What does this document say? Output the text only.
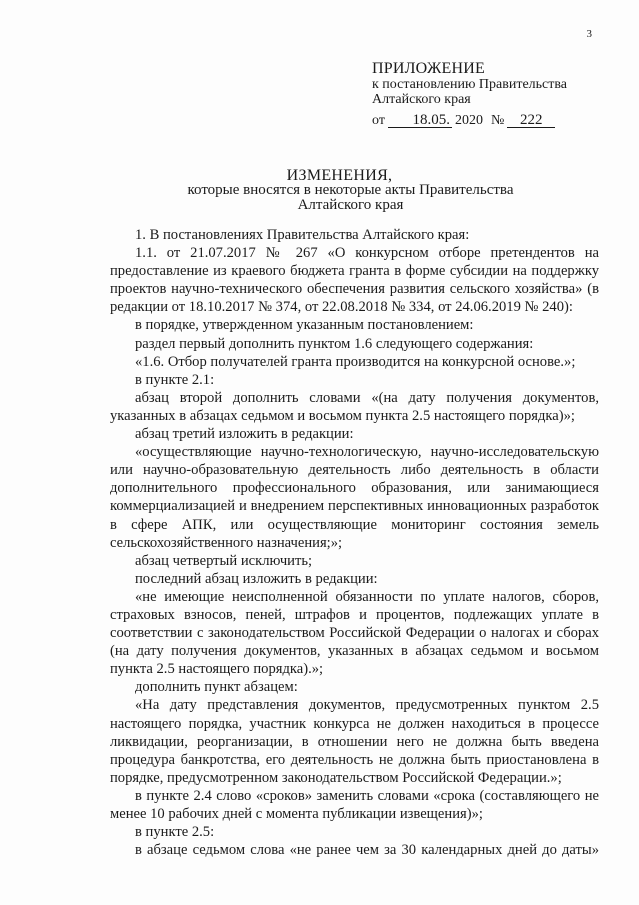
3
ПРИЛОЖЕНИЕ
к постановлению Правительства
Алтайского края
от	18.05. 2020 №	222
ИЗМЕНЕНИЯ,
которые вносятся в некоторые акты Правительства
Алтайского края

1. В постановлениях Правительства Алтайского края:

1.1. от 21.07.2017 № 267 «О конкурсном отборе претендентов на предоставление из краевого бюджета гранта в форме субсидии на поддержку проектов научно-технического обеспечения развития сельского хозяйства» (в редакции от 18.10.2017 № 374, от 22.08.2018 № 334, от 24.06.2019 № 240):

в порядке, утвержденном указанным постановлением:

раздел первый дополнить пунктом 1.6 следующего содержания:

«1.6. Отбор получателей гранта производится на конкурсной основе.»;

в пункте 2.1:

абзац второй дополнить словами «(на дату получения документов, указанных в абзацах седьмом и восьмом пункта 2.5 настоящего порядка)»;

абзац третий изложить в редакции:

«осуществляющие научно-технологическую, научно-исследовательскую или научно-образовательную деятельность либо деятельность в области дополнительного профессионального образования, или занимающиеся коммерциализацией и внедрением перспективных инновационных разработок в сфере АПК, или осуществляющие мониторинг состояния земель сельскохозяйственного назначения;»;

абзац четвертый исключить;

последний абзац изложить в редакции:

«не имеющие неисполненной обязанности по уплате налогов, сборов, страховых взносов, пеней, штрафов и процентов, подлежащих уплате в соответствии с законодательством Российской Федерации о налогах и сборах (на дату получения документов, указанных в абзацах седьмом и восьмом пункта 2.5 настоящего порядка).»;

дополнить пункт абзацем:

«На дату представления документов, предусмотренных пунктом 2.5 настоящего порядка, участник конкурса не должен находиться в процессе ликвидации, реорганизации, в отношении него не должна быть введена процедура банкротства, его деятельность не должна быть приостановлена в порядке, предусмотренном законодательством Российской Федерации.»;

в пункте 2.4 слово «сроков» заменить словами «срока (составляющего не менее 10 рабочих дней с момента публикации извещения)»;

в пункте 2.5:

в абзаце седьмом слова «не ранее чем за 30 календарных дней до даты»
